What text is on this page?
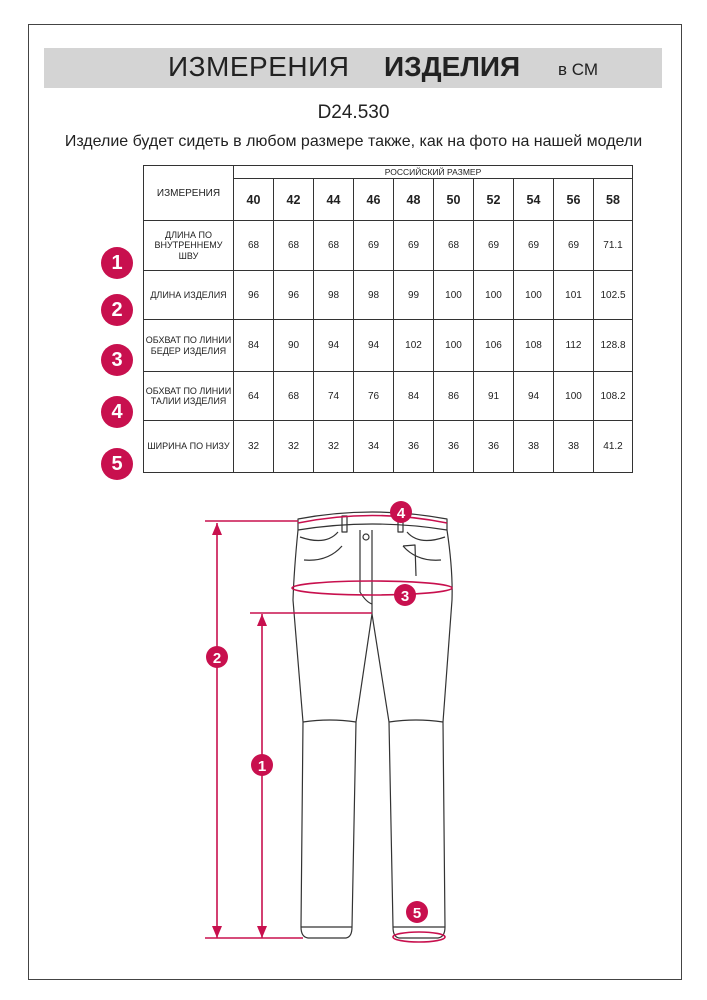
ИЗМЕРЕНИЯ ИЗДЕЛИЯ в СМ
D24.530
Изделие будет сидеть в любом размере также, как на фото на нашей модели
ИЗМЕРЕНИЯ	РОССИЙСКИЙ РАЗМЕР									
	40	42	44	46	48	50	52	54	56	58
ДЛИНА ПО ВНУТРЕННЕМУ ШВУ	68	68	68	69	69	68	69	69	69	71.1
ДЛИНА ИЗДЕЛИЯ	96	96	98	98	99	100	100	100	101	102.5
ОБХВАТ ПО ЛИНИИ БЕДЕР ИЗДЕЛИЯ	84	90	94	94	102	100	106	108	112	128.8
ОБХВАТ ПО ЛИНИИ ТАЛИИ ИЗДЕЛИЯ	64	68	74	76	84	86	91	94	100	108.2
ШИРИНА ПО НИЗУ	32	32	32	34	36	36	36	38	38	41.2
1
2
3
4
5
4
3
2
1
5
